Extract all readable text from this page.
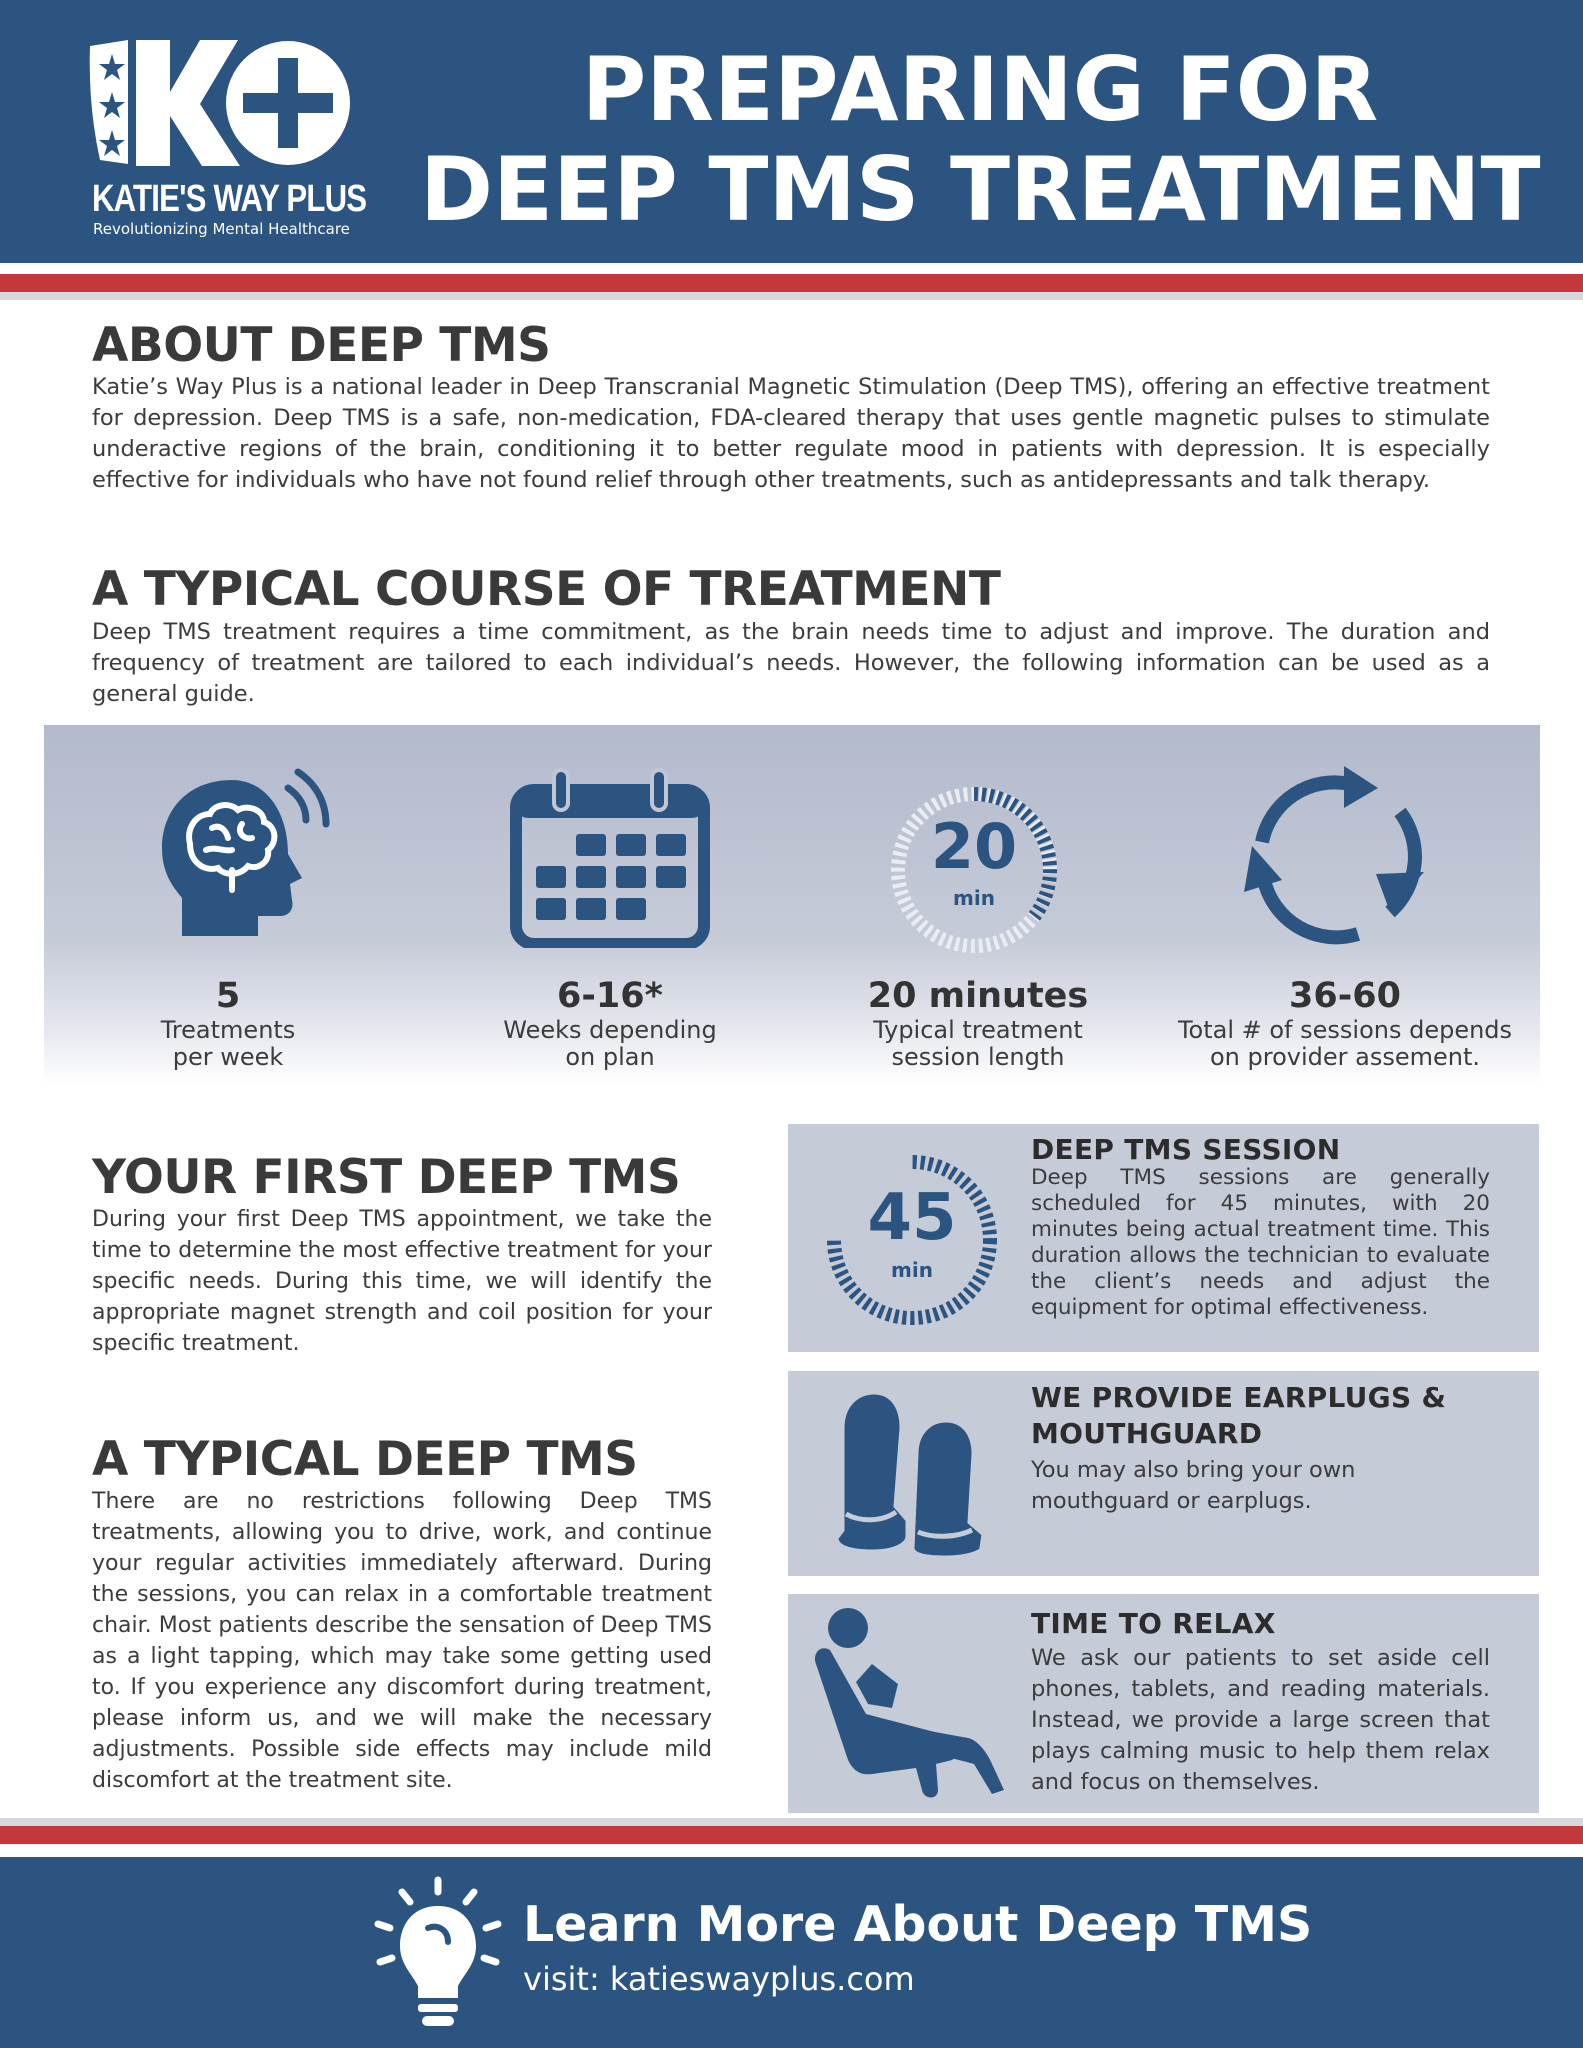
KATIE'S WAY PLUS
Revolutionizing Mental Healthcare
PREPARING FOR
DEEP TMS TREATMENT
ABOUT DEEP TMS
Katie’s Way Plus is a national leader in Deep Transcranial Magnetic Stimulation (Deep TMS), offering an effective treatment for depression. Deep TMS is a safe, non-medication, FDA-cleared therapy that uses gentle magnetic pulses to stimulate underactive regions of the brain, conditioning it to better regulate mood in patients with depression. It is especially effective for individuals who have not found relief through other treatments, such as antidepressants and talk therapy.
A TYPICAL COURSE OF TREATMENT
Deep TMS treatment requires a time commitment, as the brain needs time to adjust and improve. The duration and frequency of treatment are tailored to each individual’s needs. However, the following information can be used as a general guide.
20
min
5
Treatments
per week
6-16*
Weeks depending
on plan
20 minutes
Typical treatment
session length
36-60
Total # of sessions depends
on provider assement.
YOUR FIRST DEEP TMS
During your first Deep TMS appointment, we take the time to determine the most effective treatment for your specific needs. During this time, we will identify the appropriate magnet strength and coil position for your specific treatment.
A TYPICAL DEEP TMS
There are no restrictions following Deep TMS treatments, allowing you to drive, work, and continue your regular activities immediately afterward. During the sessions, you can relax in a comfortable treatment chair. Most patients describe the sensation of Deep TMS as a light tapping, which may take some getting used to. If you experience any discomfort during treatment, please inform us, and we will make the necessary adjustments. Possible side effects may include mild discomfort at the treatment site.
45
min
DEEP TMS SESSION
Deep TMS sessions are generally scheduled for 45 minutes, with 20 minutes being actual treatment time. This duration allows the technician to evaluate the client’s needs and adjust the equipment for optimal effectiveness.
WE PROVIDE EARPLUGS &
MOUTHGUARD
You may also bring your own mouthguard or earplugs.
TIME TO RELAX
We ask our patients to set aside cell phones, tablets, and reading materials. Instead, we provide a large screen that plays calming music to help them relax and focus on themselves.
Learn More About Deep TMS
visit: katieswayplus.com
